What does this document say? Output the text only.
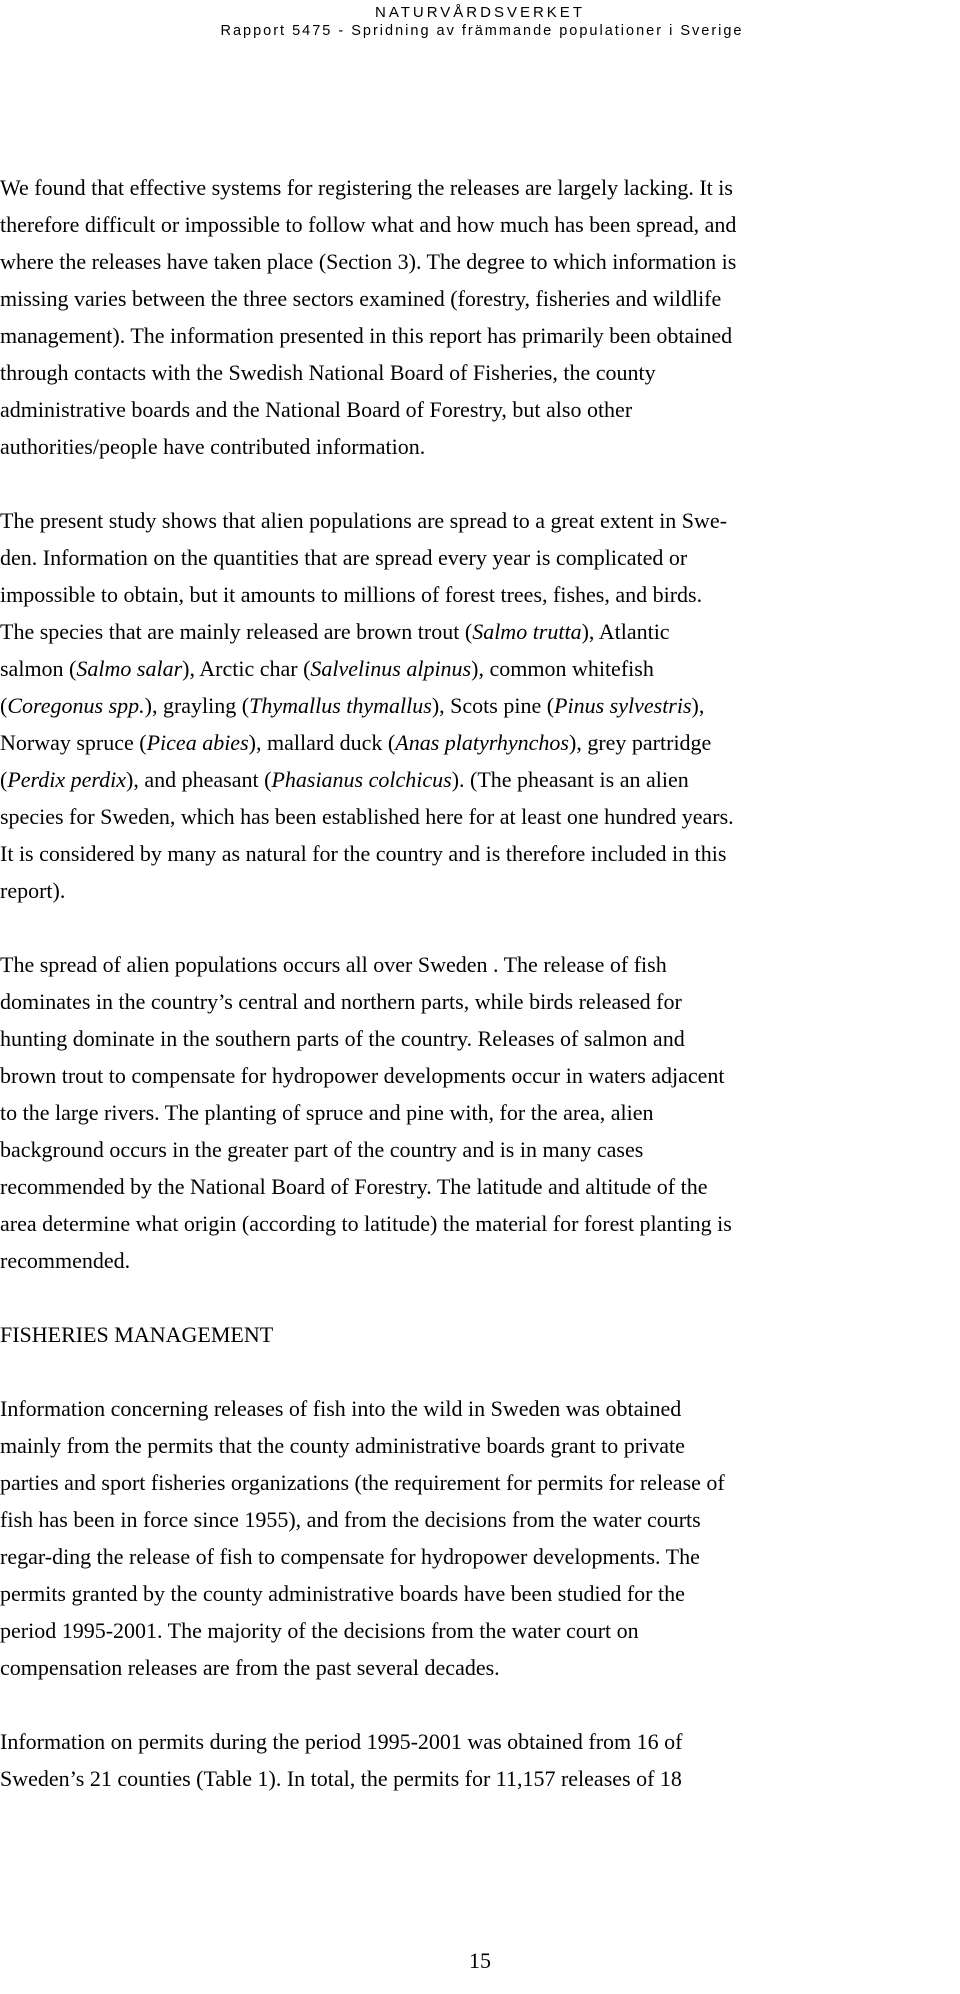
NATURVÅRDSVERKET
Rapport 5475 - Spridning av främmande populationer i Sverige
We found that effective systems for registering the releases are largely lacking. It is
therefore difficult or impossible to follow what and how much has been spread, and
where the releases have taken place (Section 3). The degree to which information is
missing varies between the three sectors examined (forestry, fisheries and wildlife
management). The information presented in this report has primarily been obtained
through contacts with the Swedish National Board of Fisheries, the county
administrative boards and the National Board of Forestry, but also other
authorities/people have contributed information.
The present study shows that alien populations are spread to a great extent in Swe-
den. Information on the quantities that are spread every year is complicated or
impossible to obtain, but it amounts to millions of forest trees, fishes, and birds.
The species that are mainly released are brown trout (Salmo trutta), Atlantic
salmon (Salmo salar), Arctic char (Salvelinus alpinus), common whitefish
(Coregonus spp.), grayling (Thymallus thymallus), Scots pine (Pinus sylvestris),
Norway spruce (Picea abies), mallard duck (Anas platyrhynchos), grey partridge
(Perdix perdix), and pheasant (Phasianus colchicus). (The pheasant is an alien
species for Sweden, which has been established here for at least one hundred years.
It is considered by many as natural for the country and is therefore included in this
report).
The spread of alien populations occurs all over Sweden . The release of fish
dominates in the country’s central and northern parts, while birds released for
hunting dominate in the southern parts of the country. Releases of salmon and
brown trout to compensate for hydropower developments occur in waters adjacent
to the large rivers. The planting of spruce and pine with, for the area, alien
background occurs in the greater part of the country and is in many cases
recommended by the National Board of Forestry. The latitude and altitude of the
area determine what origin (according to latitude) the material for forest planting is
recommended.
FISHERIES MANAGEMENT
Information concerning releases of fish into the wild in Sweden was obtained
mainly from the permits that the county administrative boards grant to private
parties and sport fisheries organizations (the requirement for permits for release of
fish has been in force since 1955), and from the decisions from the water courts
regar-ding the release of fish to compensate for hydropower developments. The
permits granted by the county administrative boards have been studied for the
period 1995-2001. The majority of the decisions from the water court on
compensation releases are from the past several decades.
Information on permits during the period 1995-2001 was obtained from 16 of
Sweden’s 21 counties (Table 1). In total, the permits for 11,157 releases of 18
15
